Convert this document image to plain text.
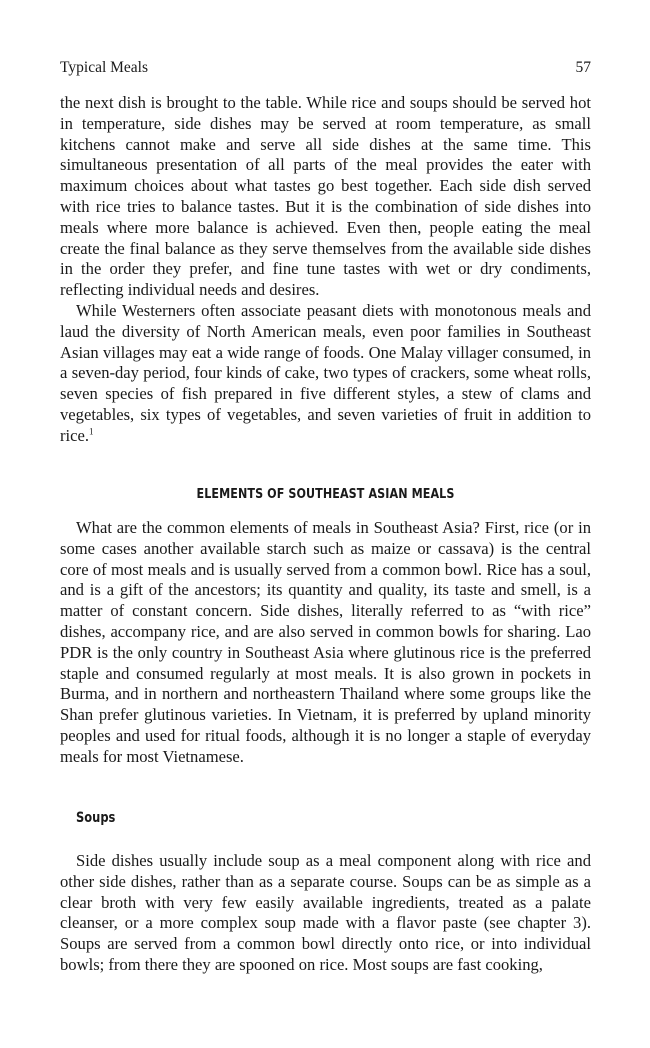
Typical Meals	57

the next dish is brought to the table. While rice and soups should be served hot in temperature, side dishes may be served at room temperature, as small kitchens cannot make and serve all side dishes at the same time. This simultaneous presentation of all parts of the meal provides the eater with maximum choices about what tastes go best together. Each side dish served with rice tries to balance tastes. But it is the combination of side dishes into meals where more balance is achieved. Even then, people eating the meal create the final balance as they serve themselves from the available side dishes in the order they prefer, and fine tune tastes with wet or dry condiments, reflecting individual needs and desires.

While Westerners often associate peasant diets with monotonous meals and laud the diversity of North American meals, even poor families in Southeast Asian villages may eat a wide range of foods. One Malay villager consumed, in a seven-day period, four kinds of cake, two types of crackers, some wheat rolls, seven species of fish prepared in five different styles, a stew of clams and vegetables, six types of vegetables, and seven varieties of fruit in addition to rice.$^1$

ELEMENTS OF SOUTHEAST ASIAN MEALS

What are the common elements of meals in Southeast Asia? First, rice (or in some cases another available starch such as maize or cassava) is the central core of most meals and is usually served from a common bowl. Rice has a soul, and is a gift of the ancestors; its quantity and quality, its taste and smell, is a matter of constant concern. Side dishes, literally referred to as “with rice” dishes, accompany rice, and are also served in common bowls for sharing. Lao PDR is the only country in Southeast Asia where glutinous rice is the preferred staple and consumed regularly at most meals. It is also grown in pockets in Burma, and in northern and northeastern Thailand where some groups like the Shan prefer glutinous varieties. In Vietnam, it is preferred by upland minority peoples and used for ritual foods, although it is no longer a staple of everyday meals for most Vietnamese.

Soups

Side dishes usually include soup as a meal component along with rice and other side dishes, rather than as a separate course. Soups can be as simple as a clear broth with very few easily available ingredients, treated as a palate cleanser, or a more complex soup made with a flavor paste (see chapter 3). Soups are served from a common bowl directly onto rice, or into individual bowls; from there they are spooned on rice. Most soups are fast cooking,
